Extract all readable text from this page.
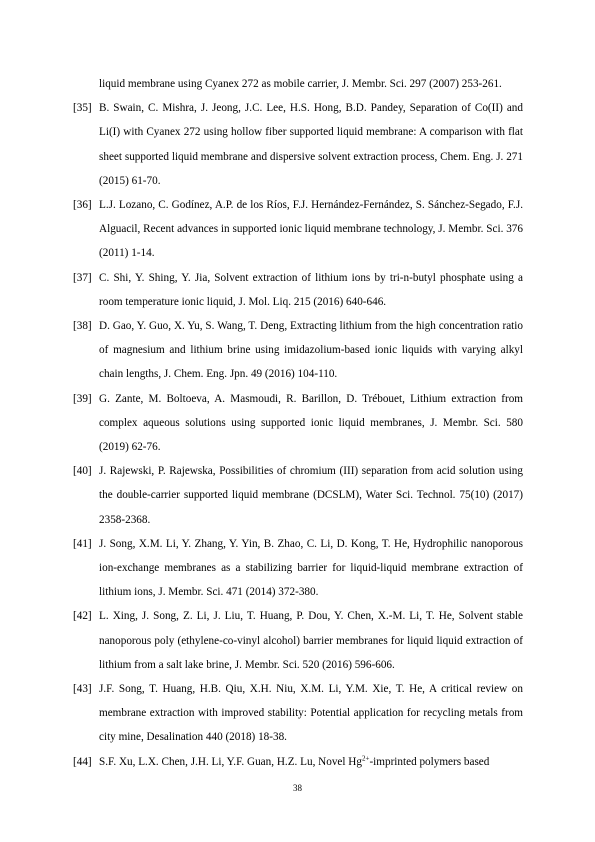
liquid membrane using Cyanex 272 as mobile carrier, J. Membr. Sci. 297 (2007) 253-261.
[35] B. Swain, C. Mishra, J. Jeong, J.C. Lee, H.S. Hong, B.D. Pandey, Separation of Co(II) and Li(I) with Cyanex 272 using hollow fiber supported liquid membrane: A comparison with flat sheet supported liquid membrane and dispersive solvent extraction process, Chem. Eng. J. 271 (2015) 61-70.
[36] L.J. Lozano, C. Godínez, A.P. de los Ríos, F.J. Hernández-Fernández, S. Sánchez-Segado, F.J. Alguacil, Recent advances in supported ionic liquid membrane technology, J. Membr. Sci. 376 (2011) 1-14.
[37] C. Shi, Y. Shing, Y. Jia, Solvent extraction of lithium ions by tri-n-butyl phosphate using a room temperature ionic liquid, J. Mol. Liq. 215 (2016) 640-646.
[38] D. Gao, Y. Guo, X. Yu, S. Wang, T. Deng, Extracting lithium from the high concentration ratio of magnesium and lithium brine using imidazolium-based ionic liquids with varying alkyl chain lengths, J. Chem. Eng. Jpn. 49 (2016) 104-110.
[39] G. Zante, M. Boltoeva, A. Masmoudi, R. Barillon, D. Trébouet, Lithium extraction from complex aqueous solutions using supported ionic liquid membranes, J. Membr. Sci. 580 (2019) 62-76.
[40] J. Rajewski, P. Rajewska, Possibilities of chromium (III) separation from acid solution using the double-carrier supported liquid membrane (DCSLM), Water Sci. Technol. 75(10) (2017) 2358-2368.
[41] J. Song, X.M. Li, Y. Zhang, Y. Yin, B. Zhao, C. Li, D. Kong, T. He, Hydrophilic nanoporous ion-exchange membranes as a stabilizing barrier for liquid-liquid membrane extraction of lithium ions, J. Membr. Sci. 471 (2014) 372-380.
[42] L. Xing, J. Song, Z. Li, J. Liu, T. Huang, P. Dou, Y. Chen, X.-M. Li, T. He, Solvent stable nanoporous poly (ethylene-co-vinyl alcohol) barrier membranes for liquid liquid extraction of lithium from a salt lake brine, J. Membr. Sci. 520 (2016) 596-606.
[43] J.F. Song, T. Huang, H.B. Qiu, X.H. Niu, X.M. Li, Y.M. Xie, T. He, A critical review on membrane extraction with improved stability: Potential application for recycling metals from city mine, Desalination 440 (2018) 18-38.
[44] S.F. Xu, L.X. Chen, J.H. Li, Y.F. Guan, H.Z. Lu, Novel $Hg^{2+}$-imprinted polymers based
38
